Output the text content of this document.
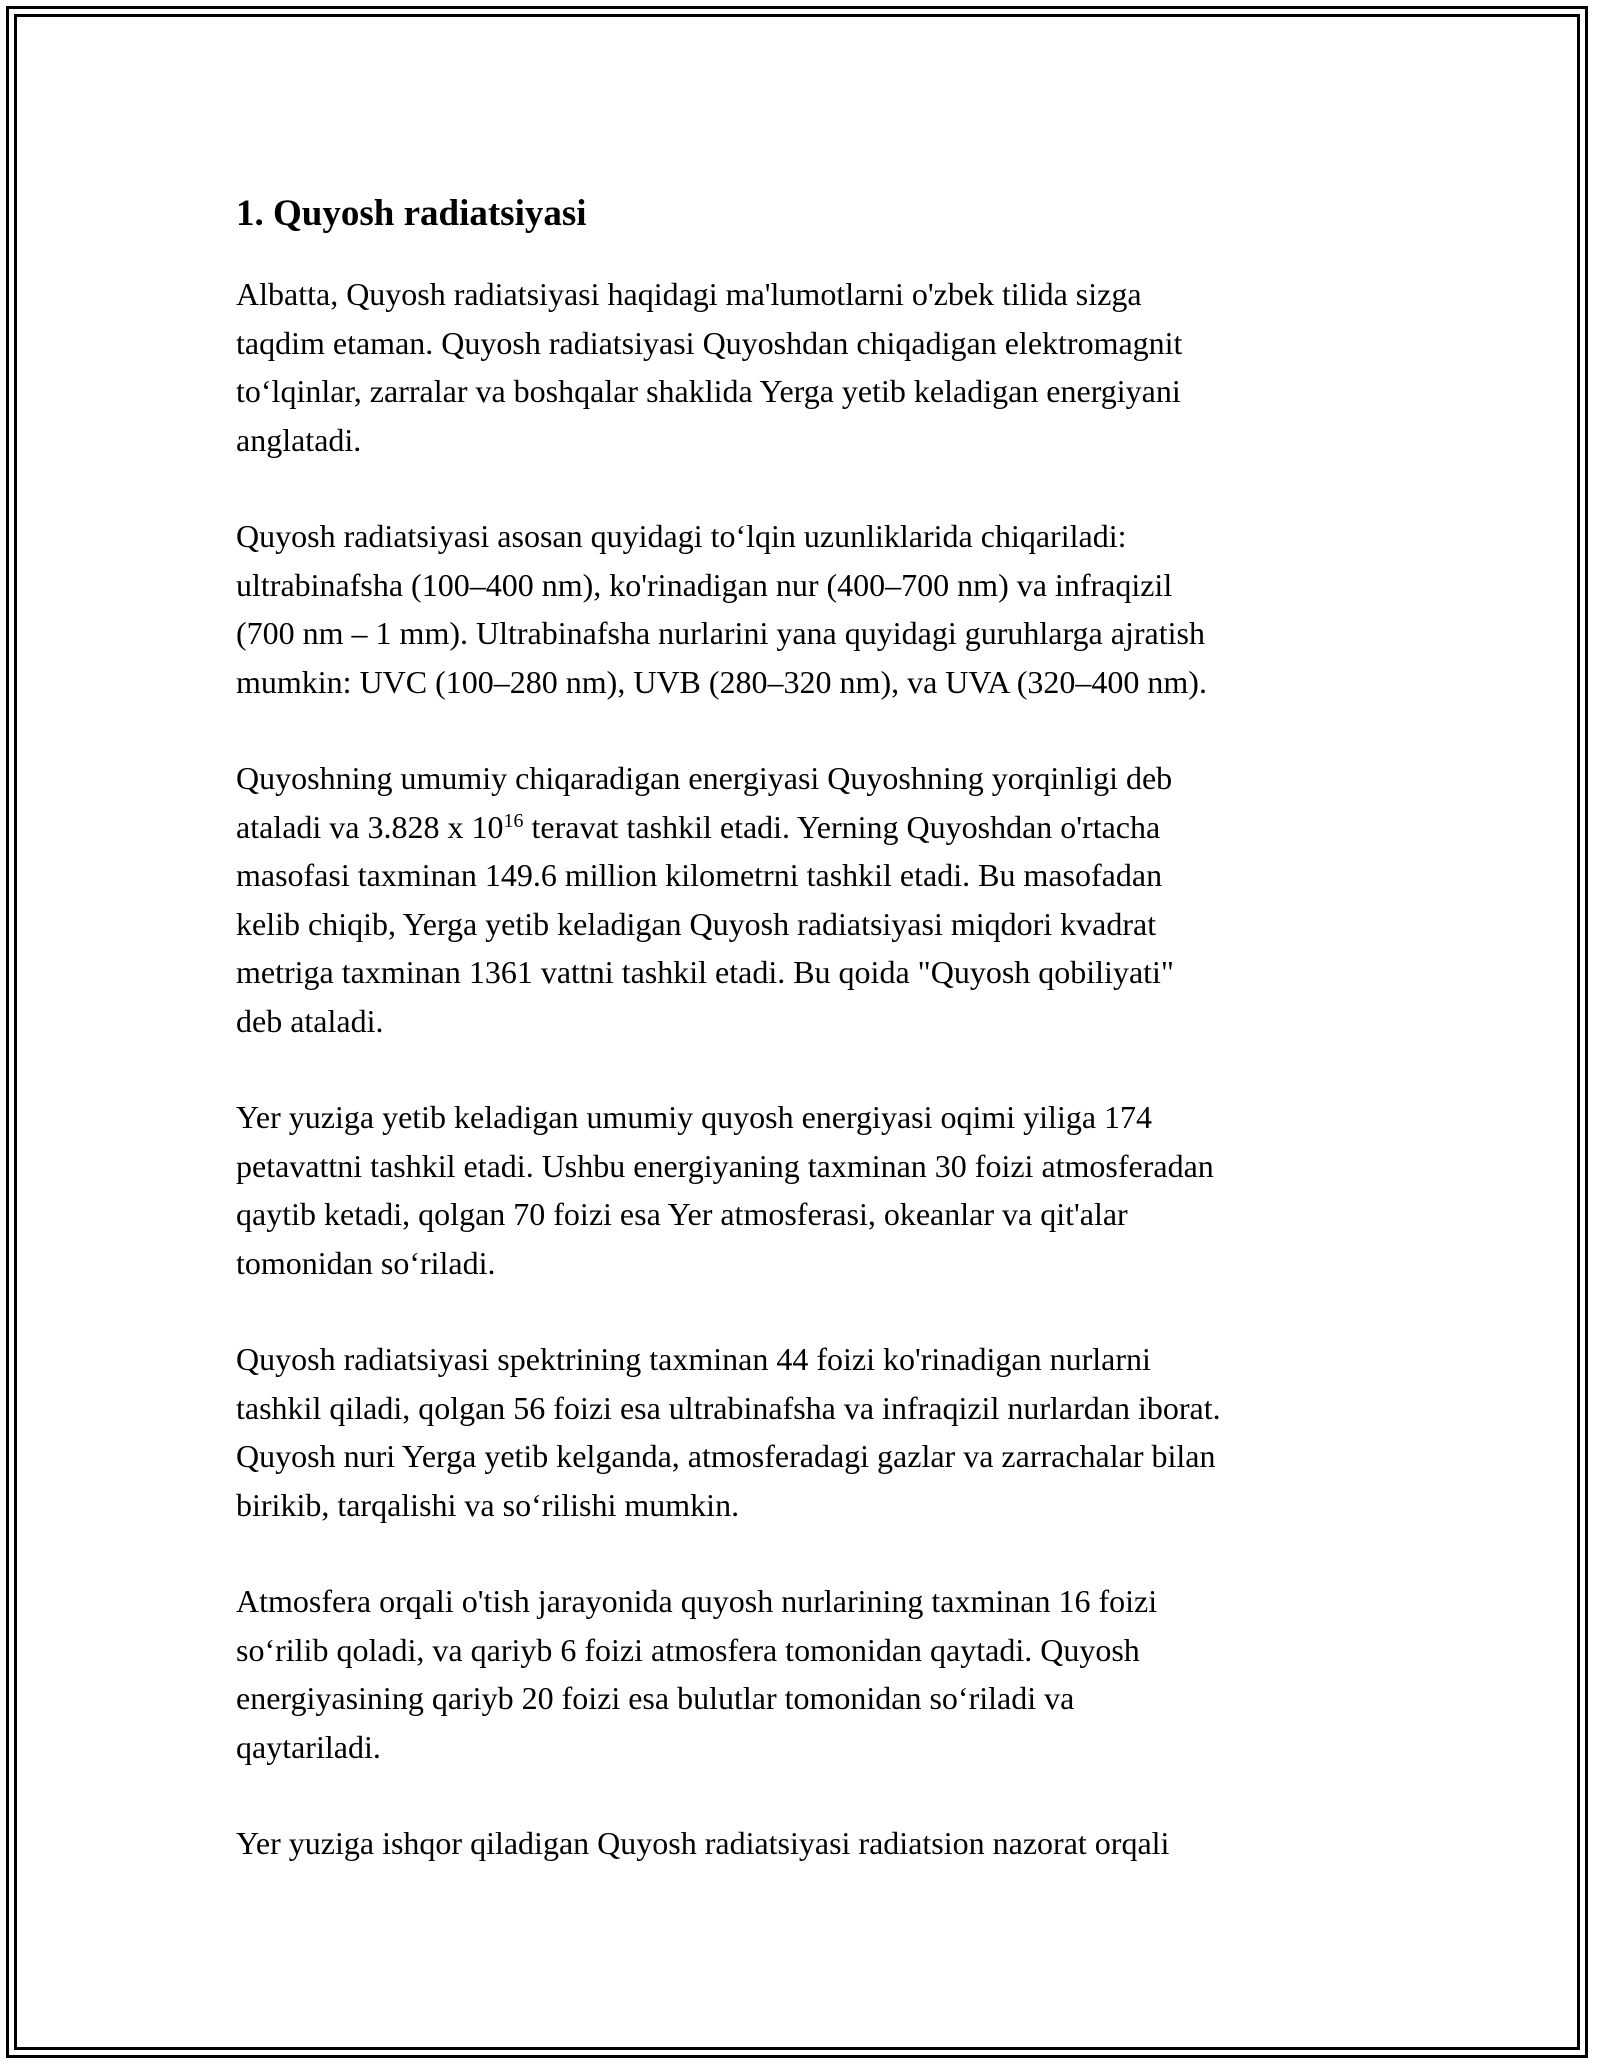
1. Quyosh radiatsiyasi
Albatta, Quyosh radiatsiyasi haqidagi ma'lumotlarni o'zbek tilida sizga
taqdim etaman. Quyosh radiatsiyasi Quyoshdan chiqadigan elektromagnit
to‘lqinlar, zarralar va boshqalar shaklida Yerga yetib keladigan energiyani
anglatadi.
Quyosh radiatsiyasi asosan quyidagi to‘lqin uzunliklarida chiqariladi:
ultrabinafsha (100–400 nm), ko'rinadigan nur (400–700 nm) va infraqizil
(700 nm – 1 mm). Ultrabinafsha nurlarini yana quyidagi guruhlarga ajratish
mumkin: UVC (100–280 nm), UVB (280–320 nm), va UVA (320–400 nm).
Quyoshning umumiy chiqaradigan energiyasi Quyoshning yorqinligi deb
ataladi va 3.828 x $10^{16}$ teravat tashkil etadi. Yerning Quyoshdan o'rtacha
masofasi taxminan 149.6 million kilometrni tashkil etadi. Bu masofadan
kelib chiqib, Yerga yetib keladigan Quyosh radiatsiyasi miqdori kvadrat
metriga taxminan 1361 vattni tashkil etadi. Bu qoida "Quyosh qobiliyati"
deb ataladi.
Yer yuziga yetib keladigan umumiy quyosh energiyasi oqimi yiliga 174
petavattni tashkil etadi. Ushbu energiyaning taxminan 30 foizi atmosferadan
qaytib ketadi, qolgan 70 foizi esa Yer atmosferasi, okeanlar va qit'alar
tomonidan so‘riladi.
Quyosh radiatsiyasi spektrining taxminan 44 foizi ko'rinadigan nurlarni
tashkil qiladi, qolgan 56 foizi esa ultrabinafsha va infraqizil nurlardan iborat.
Quyosh nuri Yerga yetib kelganda, atmosferadagi gazlar va zarrachalar bilan
birikib, tarqalishi va so‘rilishi mumkin.
Atmosfera orqali o'tish jarayonida quyosh nurlarining taxminan 16 foizi
so‘rilib qoladi, va qariyb 6 foizi atmosfera tomonidan qaytadi. Quyosh
energiyasining qariyb 20 foizi esa bulutlar tomonidan so‘riladi va
qaytariladi.
Yer yuziga ishqor qiladigan Quyosh radiatsiyasi radiatsion nazorat orqali
